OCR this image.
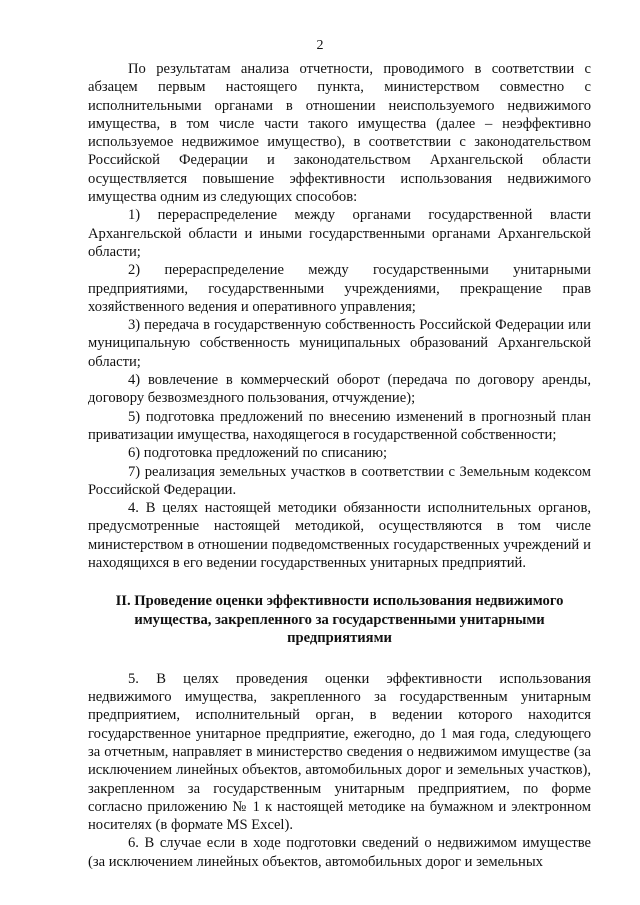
2

По результатам анализа отчетности, проводимого в соответствии с абзацем первым настоящего пункта, министерством совместно с исполнительными органами в отношении неиспользуемого недвижимого имущества, в том числе части такого имущества (далее – неэффективно используемое недвижимое имущество), в соответствии с законодательством Российской Федерации и законодательством Архангельской области осуществляется повышение эффективности использования недвижимого имущества одним из следующих способов:

1) перераспределение между органами государственной власти Архангельской области и иными государственными органами Архангельской области;

2) перераспределение между государственными унитарными предприятиями, государственными учреждениями, прекращение прав хозяйственного ведения и оперативного управления;

3) передача в государственную собственность Российской Федерации или муниципальную собственность муниципальных образований Архангельской области;

4) вовлечение в коммерческий оборот (передача по договору аренды, договору безвозмездного пользования, отчуждение);

5) подготовка предложений по внесению изменений в прогнозный план приватизации имущества, находящегося в государственной собственности;

6) подготовка предложений по списанию;

7) реализация земельных участков в соответствии с Земельным кодексом Российской Федерации.

4. В целях настоящей методики обязанности исполнительных органов, предусмотренные настоящей методикой, осуществляются в том числе министерством в отношении подведомственных государственных учреждений и находящихся в его ведении государственных унитарных предприятий.

II. Проведение оценки эффективности использования недвижимого имущества, закрепленного за государственными унитарными предприятиями

5. В целях проведения оценки эффективности использования недвижимого имущества, закрепленного за государственным унитарным предприятием, исполнительный орган, в ведении которого находится государственное унитарное предприятие, ежегодно, до 1 мая года, следующего за отчетным, направляет в министерство сведения о недвижимом имуществе (за исключением линейных объектов, автомобильных дорог и земельных участков), закрепленном за государственным унитарным предприятием, по форме согласно приложению № 1 к настоящей методике на бумажном и электронном носителях (в формате MS Excel).

6. В случае если в ходе подготовки сведений о недвижимом имуществе (за исключением линейных объектов, автомобильных дорог и земельных
